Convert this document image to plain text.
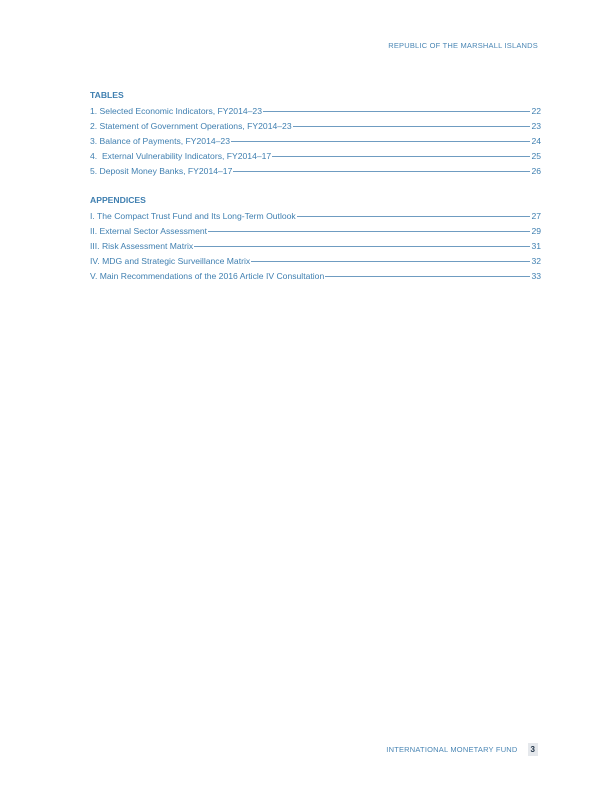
REPUBLIC OF THE MARSHALL ISLANDS
TABLES
1. Selected Economic Indicators, FY2014–23	22
2. Statement of Government Operations, FY2014–23	23
3. Balance of Payments, FY2014–23	24
4.  External Vulnerability Indicators, FY2014–17	25
5. Deposit Money Banks, FY2014–17	26
APPENDICES
I. The Compact Trust Fund and Its Long-Term Outlook	27
II. External Sector Assessment	29
III. Risk Assessment Matrix	31
IV. MDG and Strategic Surveillance Matrix	32
V. Main Recommendations of the 2016 Article IV Consultation	33
INTERNATIONAL MONETARY FUND	3
